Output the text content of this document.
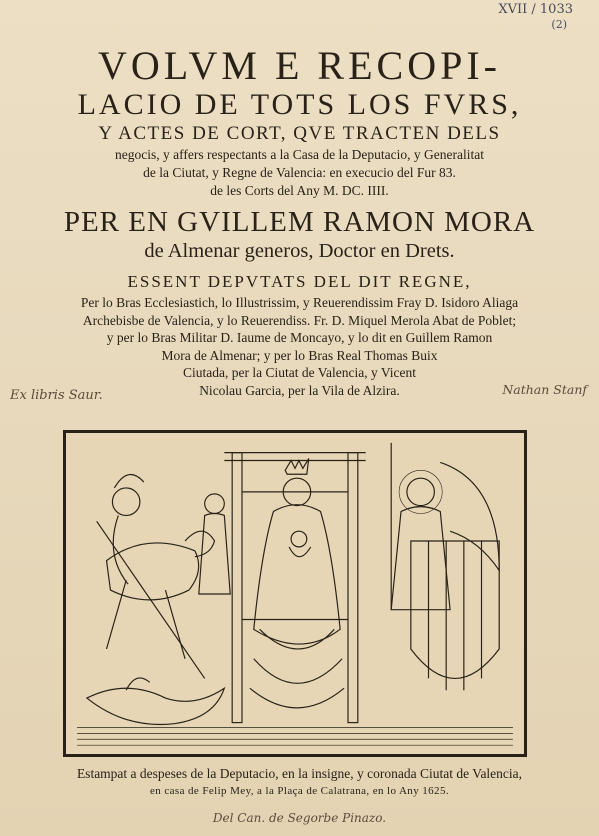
XVII / 1033
(2)

VOLVM E RECOPI-

LACIO DE TOTS LOS FVRS,

Y ACTES DE CORT, QVE TRACTEN DELS

negocis, y affers respectants a la Casa de la Deputacio, y Generalitat

de la Ciutat, y Regne de Valencia: en execucio del Fur 83.

de les Corts del Any M. DC. IIII.

PER EN GVILLEM RAMON MORA

de Almenar generos, Doctor en Drets.

ESSENT DEPVTATS DEL DIT REGNE,

Per lo Bras Ecclesiastich, lo Illustrissim, y Reuerendissim Fray D. Isidoro Aliaga

Archebisbe de Valencia, y lo Reuerendiss. Fr. D. Miquel Merola Abat de Poblet;

y per lo Bras Militar D. Iaume de Moncayo, y lo dit en Guillem Ramon

Mora de Almenar; y per lo Bras Real Thomas Buix

Ciutada, per la Ciutat de Valencia, y Vicent

Nicolau Garcia, per la Vila de Alzira.

Ex libris Saur.	Nathan Stanf

Estampat a despeses de la Deputacio, en la insigne, y coronada Ciutat de Valencia,

en casa de Felip Mey, a la Plaça de Calatrana, en lo Any 1625.

Del Can. de Segorbe Pinazo.
